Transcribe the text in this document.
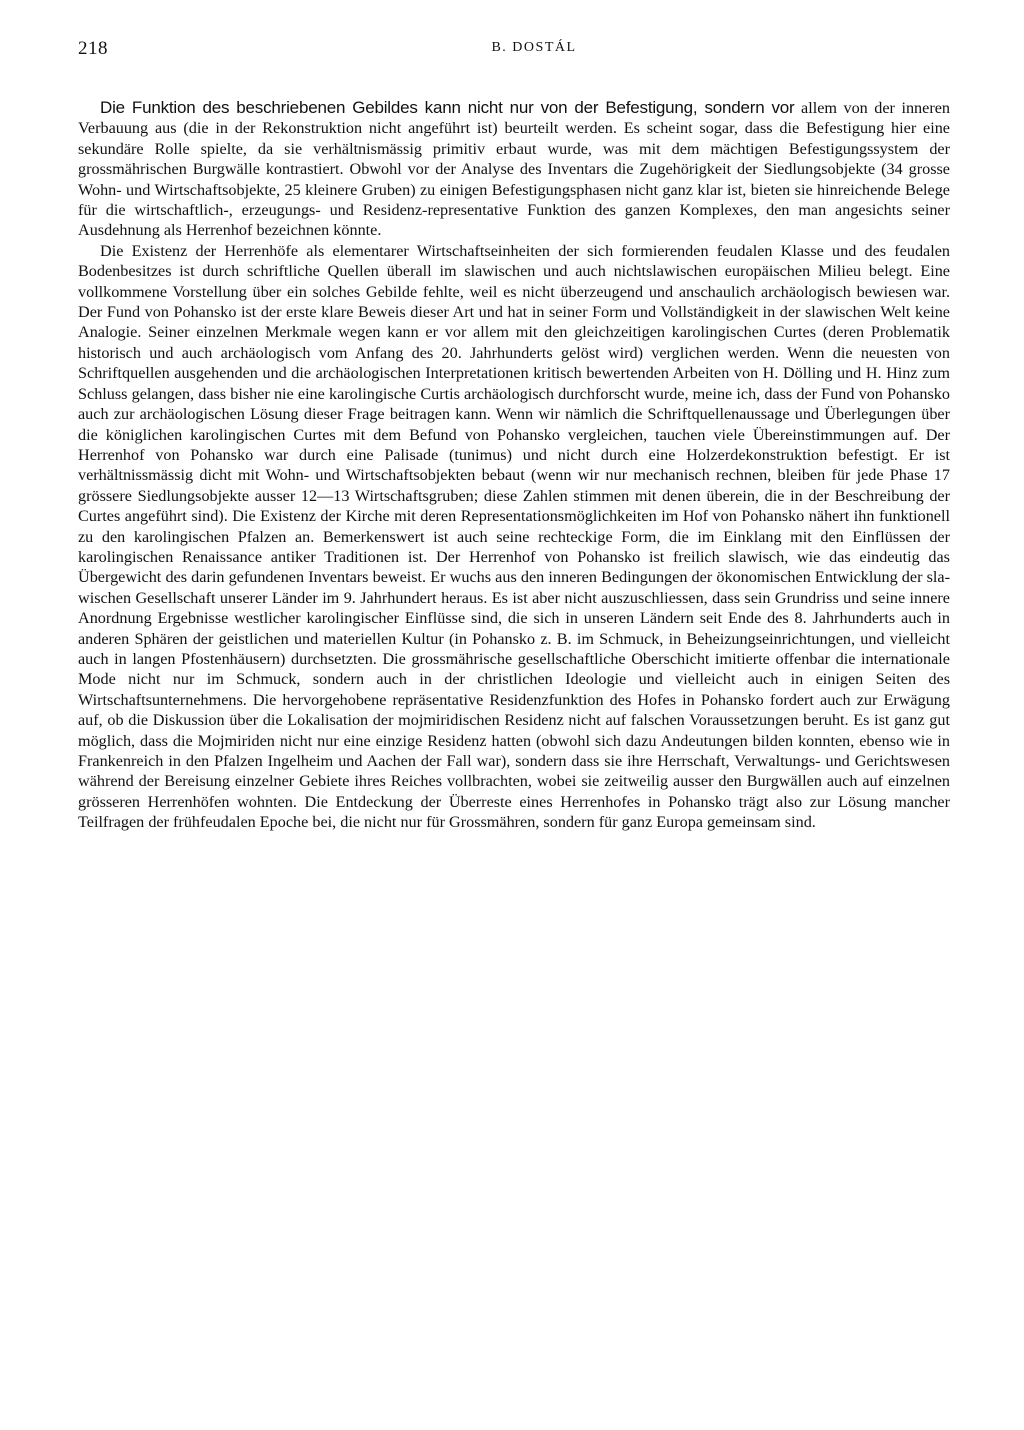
218	B. DOSTÁL

Die Funktion des beschriebenen Gebildes kann nicht nur von der Befestigung, sondern vor allem von der inneren Verbauung aus (die in der Rekonstruktion nicht angeführt ist) beurteilt werden. Es scheint sogar, dass die Befestigung hier eine sekundäre Rolle spielte, da sie verhältnismässig primitiv erbaut wurde, was mit dem mächtigen Befestigungssystem der grossmährischen Burgwälle kontrastiert. Obwohl vor der Analyse des Inventars die Zugehörigkeit der Siedlungsobjekte (34 grosse Wohn- und Wirtschaftsobjekte, 25 kleinere Gruben) zu einigen Befestigungsphasen nicht ganz klar ist, bieten sie hinreichende Belege für die wirtschaftlich-, erzeugungs- und Residenz-representative Funktion des ganzen Komplexes, den man angesichts seiner Ausdehnung als Herrenhof bezeichnen könnte.

Die Existenz der Herrenhöfe als elementarer Wirtschaftseinheiten der sich formierenden feudalen Klasse und des feudalen Bodenbesitzes ist durch schriftliche Quellen überall im slawischen und auch nichtslawischen europäischen Milieu belegt. Eine vollkommene Vorstellung über ein solches Gebilde fehlte, weil es nicht überzeugend und anschaulich archäologisch bewiesen war. Der Fund von Pohansko ist der erste klare Beweis dieser Art und hat in seiner Form und Vollständigkeit in der slawischen Welt keine Analogie. Seiner einzelnen Merkmale wegen kann er vor allem mit den gleichzeitigen karolingischen Curtes (deren Problematik historisch und auch archäologisch vom Anfang des 20. Jahrhunderts gelöst wird) verglichen werden. Wenn die neuesten von Schriftquellen ausgehenden und die archäologischen Interpretationen kritisch bewertenden Arbeiten von H. Dölling und H. Hinz zum Schluss gelangen, dass bisher nie eine karolingische Curtis archäologisch durchforscht wurde, meine ich, dass der Fund von Pohansko auch zur archäologischen Lösung dieser Frage beitragen kann. Wenn wir nämlich die Schriftquellenaussage und Überlegungen über die königlichen karolingischen Curtes mit dem Befund von Pohansko vergleichen, tauchen viele Übereinstimmungen auf. Der Herrenhof von Pohansko war durch eine Palisade (tunimus) und nicht durch eine Holzerdekonstruktion befestigt. Er ist verhältnissmässig dicht mit Wohn- und Wirtschaftsobjekten bebaut (wenn wir nur mechanisch rechnen, bleiben für jede Phase 17 grössere Siedlungsobjekte ausser 12—13 Wirtschaftsgruben; diese Zahlen stimmen mit denen überein, die in der Beschreibung der Curtes angeführt sind). Die Existenz der Kirche mit deren Representationsmöglichkeiten im Hof von Pohansko nähert ihn funktionell zu den karolingischen Pfalzen an. Bemerkenswert ist auch seine rechteckige Form, die im Einklang mit den Einflüssen der karolingischen Renaissance antiker Traditionen ist. Der Herrenhof von Pohansko ist freilich slawisch, wie das eindeutig das Übergewicht des darin gefundenen Inventars beweist. Er wuchs aus den inneren Bedingungen der ökonomischen Entwicklung der slawischen Gesellschaft unserer Länder im 9. Jahrhundert heraus. Es ist aber nicht auszuschliessen, dass sein Grundriss und seine innere Anordnung Ergebnisse westlicher karolingischer Einflüsse sind, die sich in unseren Ländern seit Ende des 8. Jahrhunderts auch in anderen Sphären der geistlichen und materiellen Kultur (in Pohansko z. B. im Schmuck, in Beheizungseinrichtungen, und vielleicht auch in langen Pfostenhäusern) durchsetzten. Die grossmährische gesellschaftliche Oberschicht imitierte offenbar die internationale Mode nicht nur im Schmuck, sondern auch in der christlichen Ideologie und vielleicht auch in einigen Seiten des Wirtschaftsunternehmens. Die hervorgehobene repräsentative Residenzfunktion des Hofes in Pohansko fordert auch zur Erwägung auf, ob die Diskussion über die Lokalisation der mojmiridischen Residenz nicht auf falschen Voraussetzungen beruht. Es ist ganz gut möglich, dass die Mojmiriden nicht nur eine einzige Residenz hatten (obwohl sich dazu Andeutungen bilden konnten, ebenso wie in Frankenreich in den Pfalzen Ingelheim und Aachen der Fall war), sondern dass sie ihre Herrschaft, Verwaltungs- und Gerichtswesen während der Bereisung einzelner Gebiete ihres Reiches vollbrachten, wobei sie zeitweilig ausser den Burgwällen auch auf einzelnen grösseren Herrenhöfen wohnten. Die Entdeckung der Überreste eines Herrenhofes in Pohansko trägt also zur Lösung mancher Teilfragen der frühfeudalen Epoche bei, die nicht nur für Grossmähren, sondern für ganz Europa gemeinsam sind.
